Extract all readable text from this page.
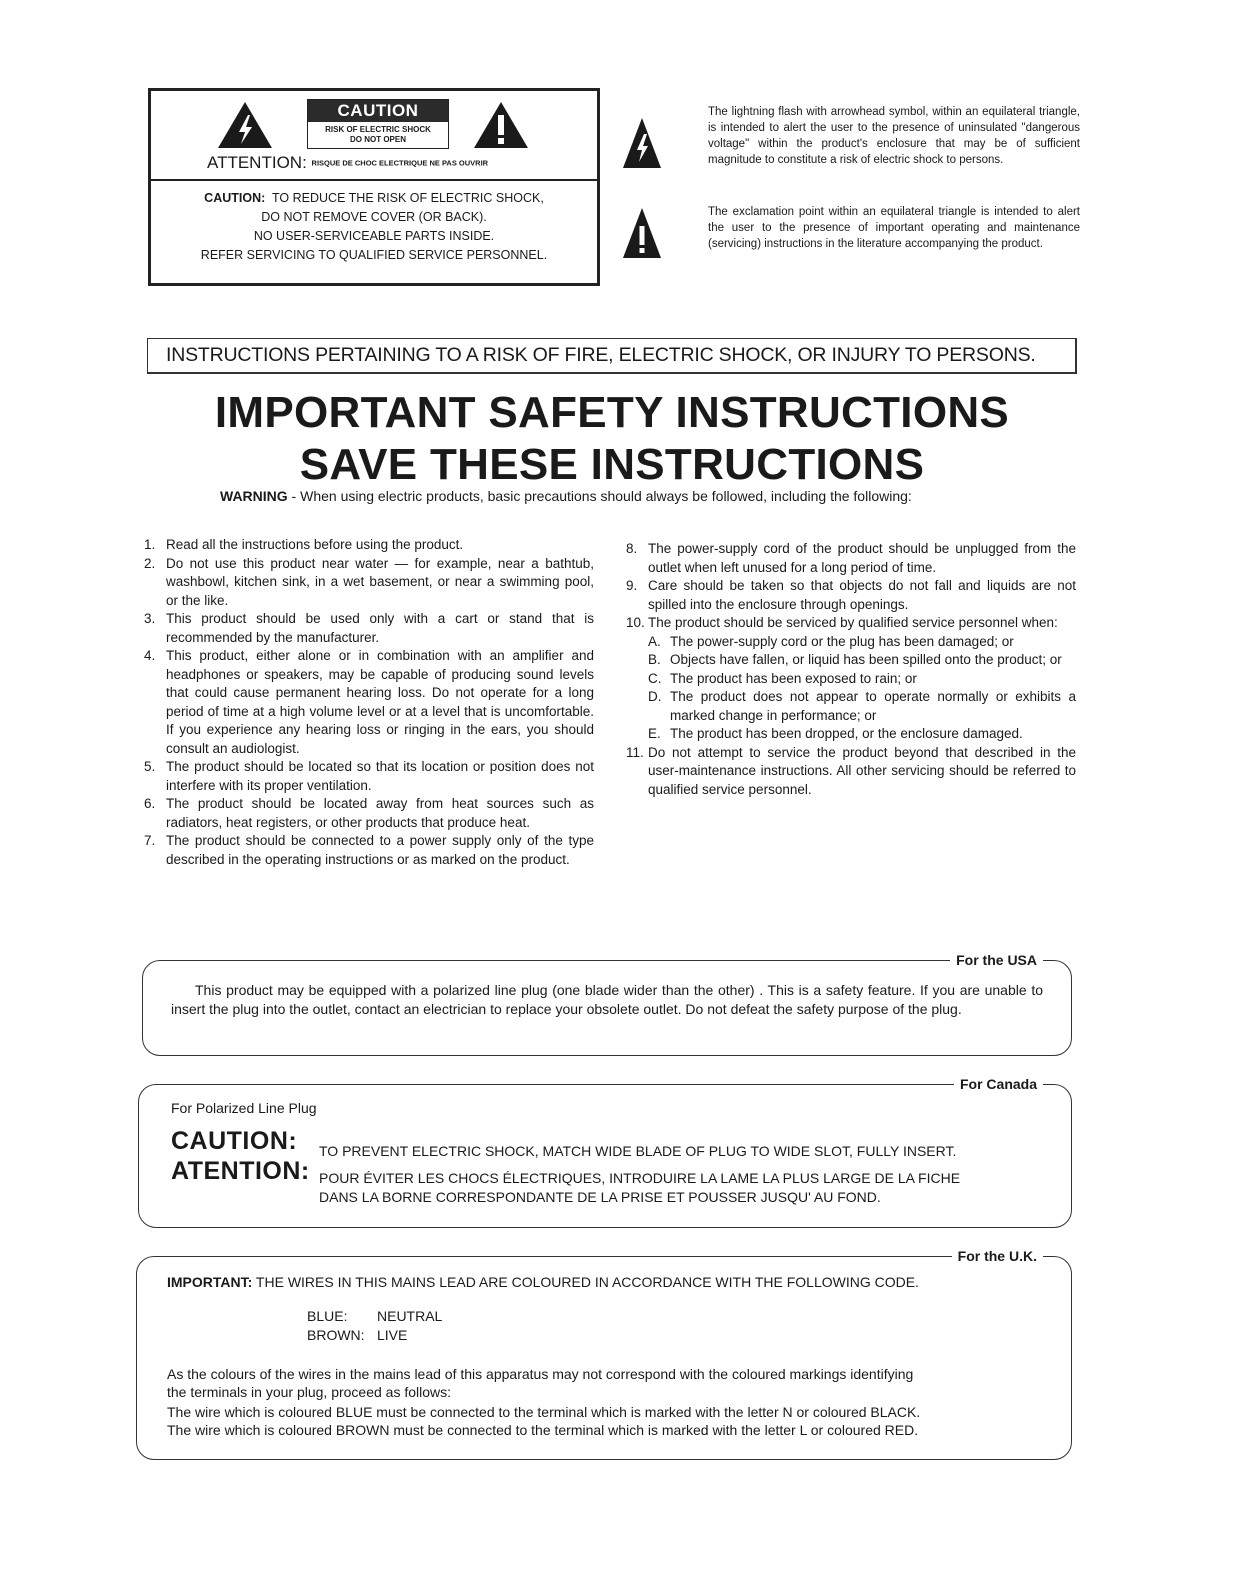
CAUTION
RISK OF ELECTRIC SHOCK
DO NOT OPEN
ATTENTION: RISQUE DE CHOC ELECTRIQUE NE PAS OUVRIR
CAUTION: TO REDUCE THE RISK OF ELECTRIC SHOCK,
DO NOT REMOVE COVER (OR BACK).
NO USER-SERVICEABLE PARTS INSIDE.
REFER SERVICING TO QUALIFIED SERVICE PERSONNEL.
The lightning flash with arrowhead symbol, within an equilateral triangle, is intended to alert the user to the presence of uninsulated "dangerous voltage" within the product's enclosure that may be of sufficient magnitude to constitute a risk of electric shock to persons.
The exclamation point within an equilateral triangle is intended to alert the user to the presence of important operating and maintenance (servicing) instructions in the literature accompanying the product.
INSTRUCTIONS PERTAINING TO A RISK OF FIRE, ELECTRIC SHOCK, OR INJURY TO PERSONS.
IMPORTANT SAFETY INSTRUCTIONS
SAVE THESE INSTRUCTIONS
WARNING - When using electric products, basic precautions should always be followed, including the following:
1. Read all the instructions before using the product.
2. Do not use this product near water — for example, near a bathtub, washbowl, kitchen sink, in a wet basement, or near a swimming pool, or the like.
3. This product should be used only with a cart or stand that is recommended by the manufacturer.
4. This product, either alone or in combination with an amplifier and headphones or speakers, may be capable of producing sound levels that could cause permanent hearing loss. Do not operate for a long period of time at a high volume level or at a level that is uncomfortable. If you experience any hearing loss or ringing in the ears, you should consult an audiologist.
5. The product should be located so that its location or position does not interfere with its proper ventilation.
6. The product should be located away from heat sources such as radiators, heat registers, or other products that produce heat.
7. The product should be connected to a power supply only of the type described in the operating instructions or as marked on the product.
8. The power-supply cord of the product should be unplugged from the outlet when left unused for a long period of time.
9. Care should be taken so that objects do not fall and liquids are not spilled into the enclosure through openings.
10. The product should be serviced by qualified service personnel when:
A. The power-supply cord or the plug has been damaged; or
B. Objects have fallen, or liquid has been spilled onto the product; or
C. The product has been exposed to rain; or
D. The product does not appear to operate normally or exhibits a marked change in performance; or
E. The product has been dropped, or the enclosure damaged.
11. Do not attempt to service the product beyond that described in the user-maintenance instructions. All other servicing should be referred to qualified service personnel.
For the USA
This product may be equipped with a polarized line plug (one blade wider than the other) . This is a safety feature. If you are unable to insert the plug into the outlet, contact an electrician to replace your obsolete outlet. Do not defeat the safety purpose of the plug.
For Canada
For Polarized Line Plug
CAUTION: TO PREVENT ELECTRIC SHOCK, MATCH WIDE BLADE OF PLUG TO WIDE SLOT, FULLY INSERT.
ATENTION: POUR ÉVITER LES CHOCS ÉLECTRIQUES, INTRODUIRE LA LAME LA PLUS LARGE DE LA FICHE
DANS LA BORNE CORRESPONDANTE DE LA PRISE ET POUSSER JUSQU' AU FOND.
For the U.K.
IMPORTANT: THE WIRES IN THIS MAINS LEAD ARE COLOURED IN ACCORDANCE WITH THE FOLLOWING CODE.
BLUE: NEUTRAL
BROWN: LIVE
As the colours of the wires in the mains lead of this apparatus may not correspond with the coloured markings identifying
the terminals in your plug, proceed as follows:
The wire which is coloured BLUE must be connected to the terminal which is marked with the letter N or coloured BLACK.
The wire which is coloured BROWN must be connected to the terminal which is marked with the letter L or coloured RED.
